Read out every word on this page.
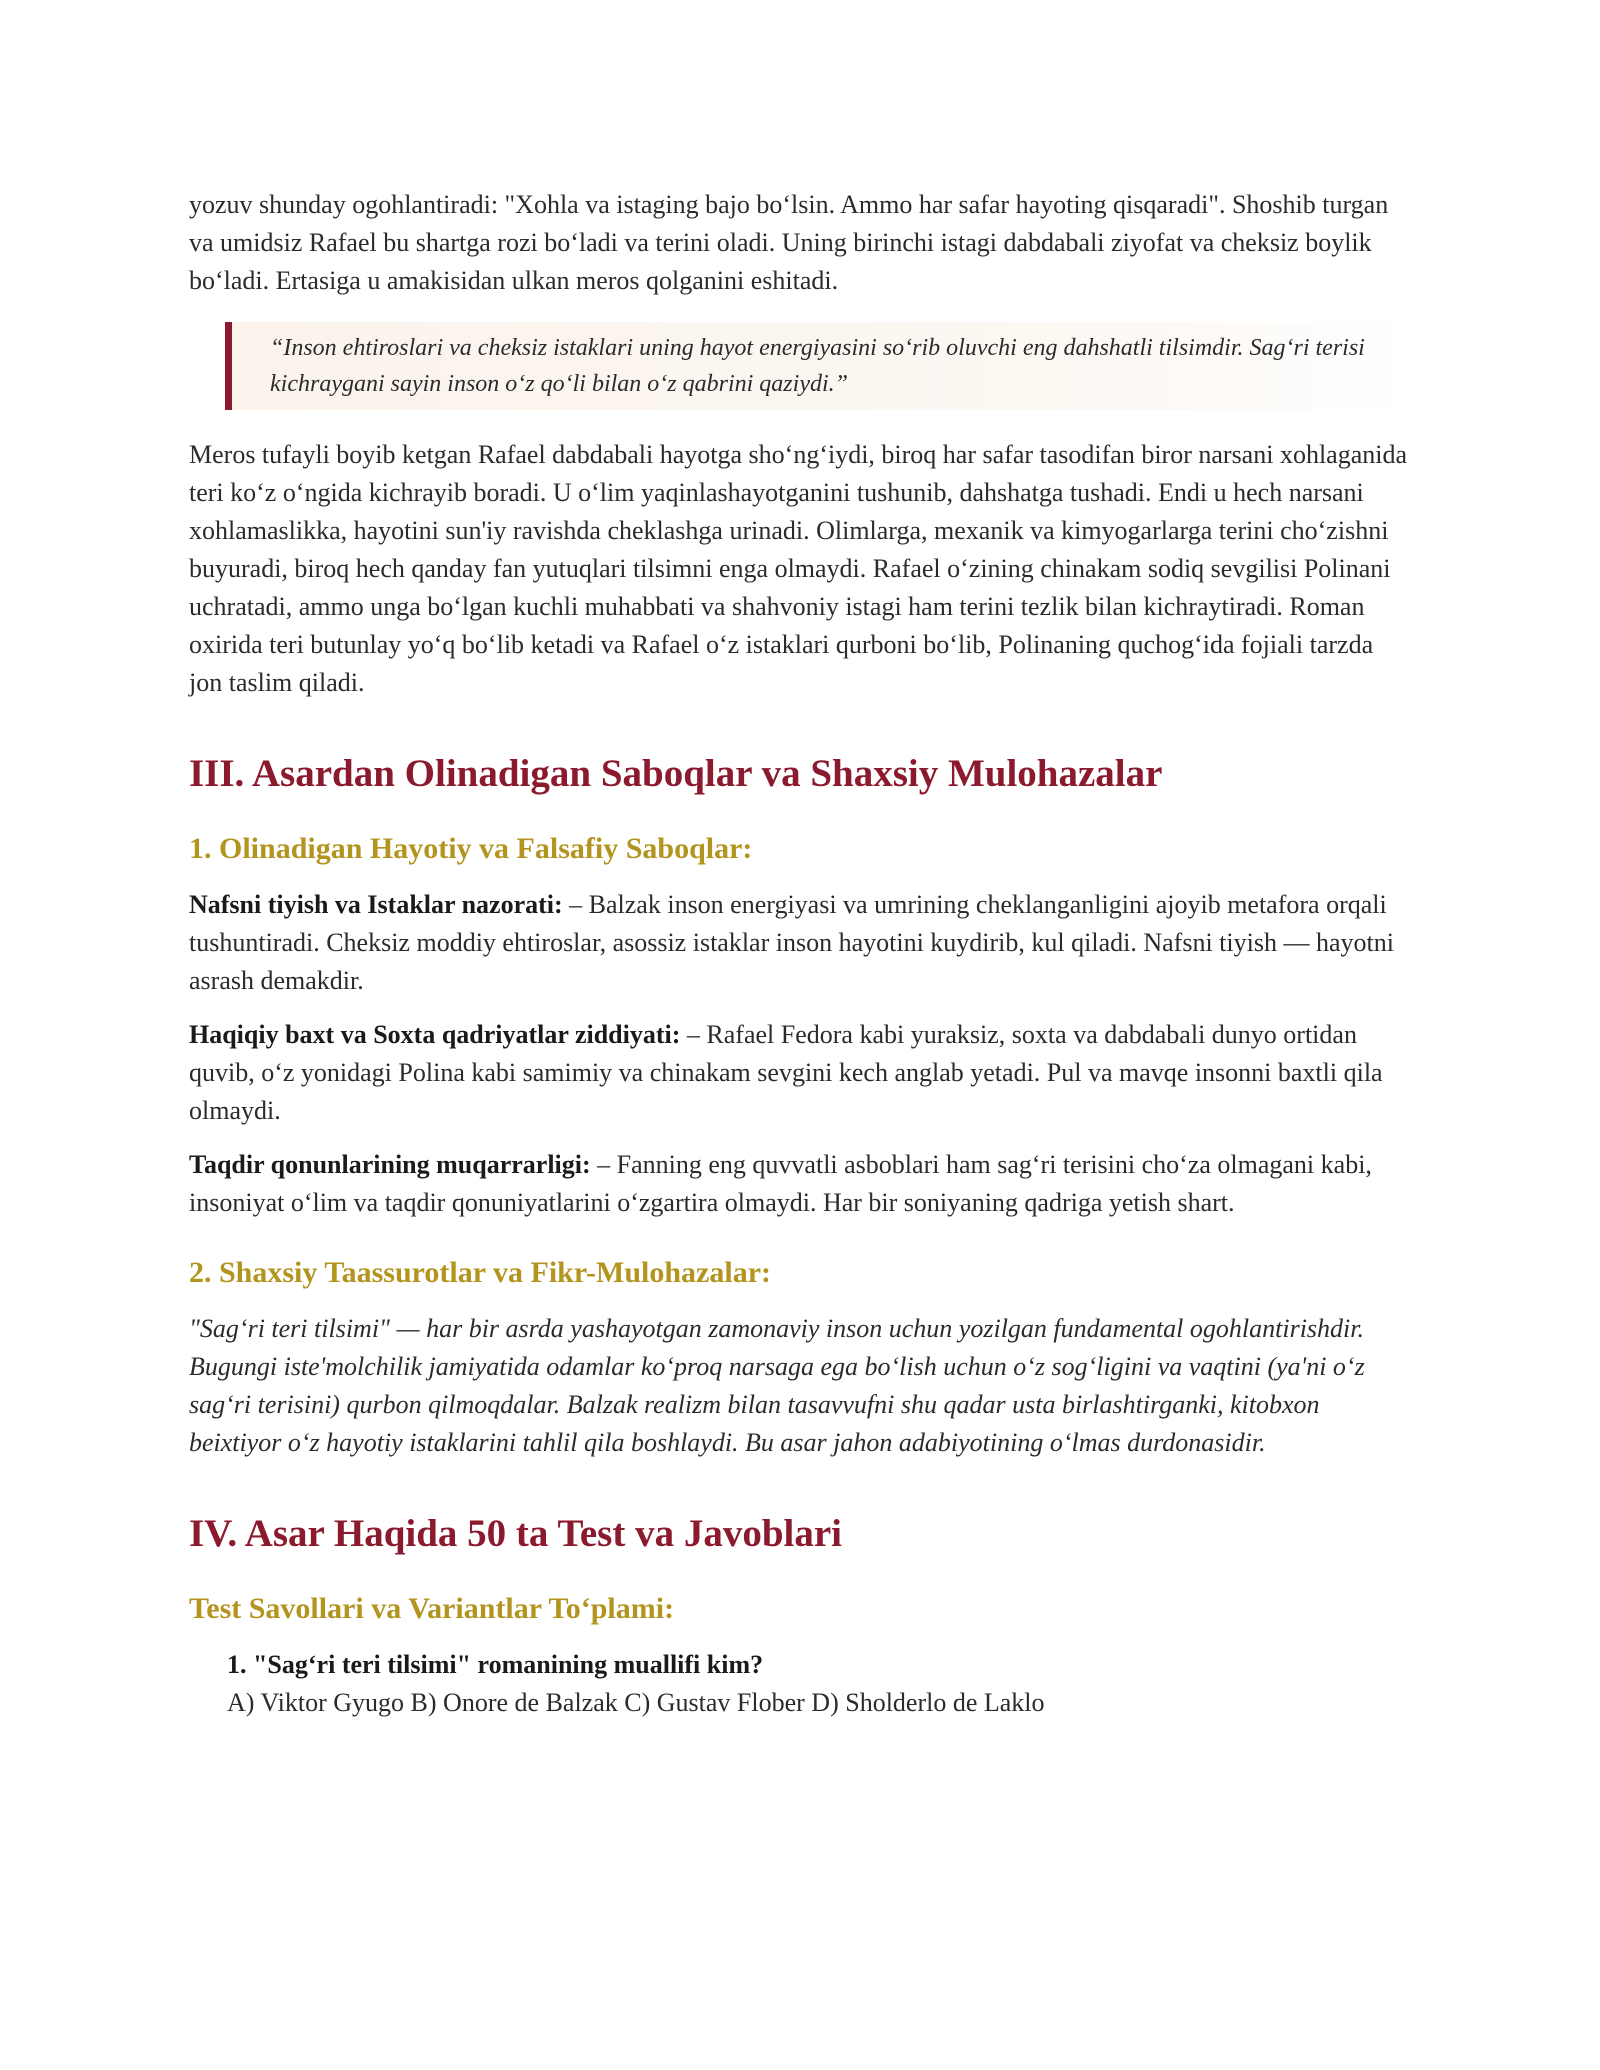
yozuv shunday ogohlantiradi: "Xohla va istaging bajo bo‘lsin. Ammo har safar hayoting qisqaradi". Shoshib turgan va umidsiz Rafael bu shartga rozi bo‘ladi va terini oladi. Uning birinchi istagi dabdabali ziyofat va cheksiz boylik bo‘ladi. Ertasiga u amakisidan ulkan meros qolganini eshitadi.

“Inson ehtiroslari va cheksiz istaklari uning hayot energiyasini so‘rib oluvchi eng dahshatli tilsimdir. Sag‘ri terisi kichraygani sayin inson o‘z qo‘li bilan o‘z qabrini qaziydi.”

Meros tufayli boyib ketgan Rafael dabdabali hayotga sho‘ng‘iydi, biroq har safar tasodifan biror narsani xohlaganida teri ko‘z o‘ngida kichrayib boradi. U o‘lim yaqinlashayotganini tushunib, dahshatga tushadi. Endi u hech narsani xohlamaslikka, hayotini sun'iy ravishda cheklashga urinadi. Olimlarga, mexanik va kimyogarlarga terini cho‘zishni buyuradi, biroq hech qanday fan yutuqlari tilsimni enga olmaydi. Rafael o‘zining chinakam sodiq sevgilisi Polinani uchratadi, ammo unga bo‘lgan kuchli muhabbati va shahvoniy istagi ham terini tezlik bilan kichraytiradi. Roman oxirida teri butunlay yo‘q bo‘lib ketadi va Rafael o‘z istaklari qurboni bo‘lib, Polinaning quchog‘ida fojiali tarzda jon taslim qiladi.

III. Asardan Olinadigan Saboqlar va Shaxsiy Mulohazalar
1. Olinadigan Hayotiy va Falsafiy Saboqlar:

Nafsni tiyish va Istaklar nazorati: – Balzak inson energiyasi va umrining cheklanganligini ajoyib metafora orqali tushuntiradi. Cheksiz moddiy ehtiroslar, asossiz istaklar inson hayotini kuydirib, kul qiladi. Nafsni tiyish — hayotni asrash demakdir.

Haqiqiy baxt va Soxta qadriyatlar ziddiyati: – Rafael Fedora kabi yuraksiz, soxta va dabdabali dunyo ortidan quvib, o‘z yonidagi Polina kabi samimiy va chinakam sevgini kech anglab yetadi. Pul va mavqe insonni baxtli qila olmaydi.

Taqdir qonunlarining muqarrarligi: – Fanning eng quvvatli asboblari ham sag‘ri terisini cho‘za olmagani kabi, insoniyat o‘lim va taqdir qonuniyatlarini o‘zgartira olmaydi. Har bir soniyaning qadriga yetish shart.

2. Shaxsiy Taassurotlar va Fikr-Mulohazalar:

"Sag‘ri teri tilsimi" — har bir asrda yashayotgan zamonaviy inson uchun yozilgan fundamental ogohlantirishdir. Bugungi iste'molchilik jamiyatida odamlar ko‘proq narsaga ega bo‘lish uchun o‘z sog‘ligini va vaqtini (ya'ni o‘z sag‘ri terisini) qurbon qilmoqdalar. Balzak realizm bilan tasavvufni shu qadar usta birlashtirganki, kitobxon beixtiyor o‘z hayotiy istaklarini tahlil qila boshlaydi. Bu asar jahon adabiyotining o‘lmas durdonasidir.

IV. Asar Haqida 50 ta Test va Javoblari
Test Savollari va Variantlar To‘plami:

1. "Sag‘ri teri tilsimi" romanining muallifi kim?

A) Viktor Gyugo B) Onore de Balzak C) Gustav Flober D) Sholderlo de Laklo
